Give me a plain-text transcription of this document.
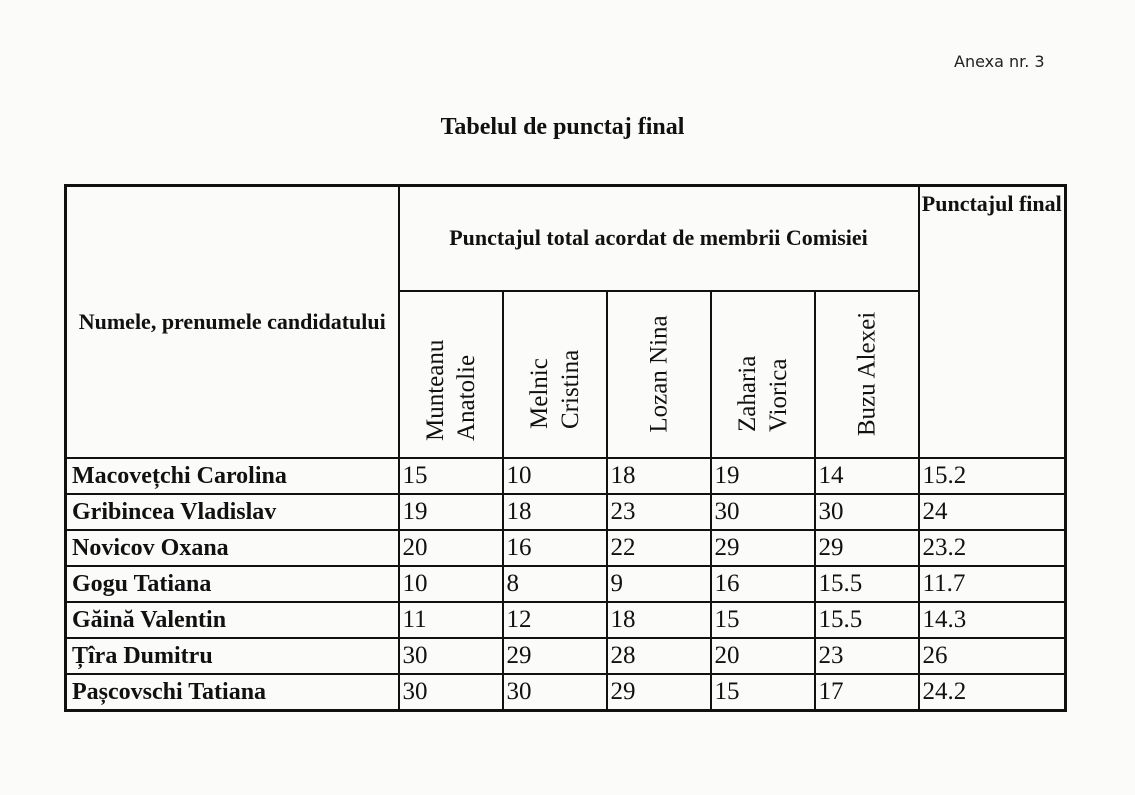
Anexa nr. 3
Tabelul de punctaj final
Numele, prenumele candidatului	Punctajul total acordat de membrii Comisiei					Punctajul final

	Munteanu Anatolie	Melnic Cristina	Lozan Nina	Zaharia Viorica	Buzu Alexei	

Macovețchi Carolina	15	10	18	19	14	15.2
Gribincea Vladislav	19	18	23	30	30	24
Novicov Oxana	20	16	22	29	29	23.2
Gogu Tatiana	10	8	9	16	15.5	11.7
Găină Valentin	11	12	18	15	15.5	14.3
Țîra Dumitru	30	29	28	20	23	26
Pașcovschi Tatiana	30	30	29	15	17	24.2
